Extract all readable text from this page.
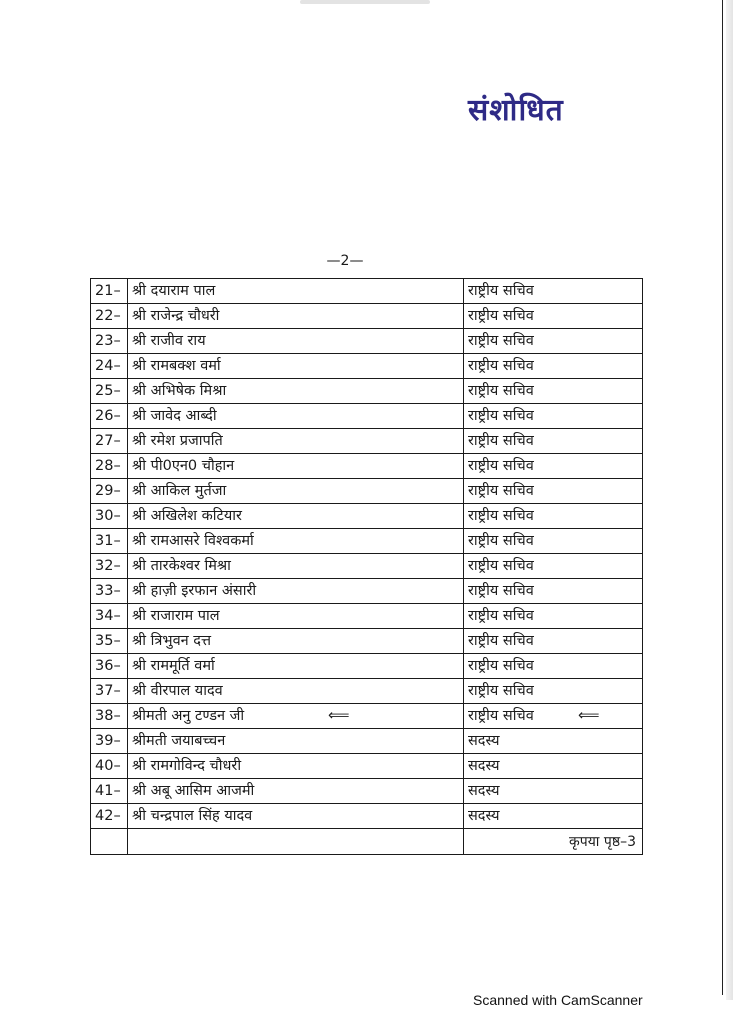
संशोधित
—2—
21–	श्री दयाराम पाल	राष्ट्रीय सचिव
22–	श्री राजेन्द्र चौधरी	राष्ट्रीय सचिव
23–	श्री राजीव राय	राष्ट्रीय सचिव
24–	श्री रामबक्श वर्मा	राष्ट्रीय सचिव
25–	श्री अभिषेक मिश्रा	राष्ट्रीय सचिव
26–	श्री जावेद आब्दी	राष्ट्रीय सचिव
27–	श्री रमेश प्रजापति	राष्ट्रीय सचिव
28–	श्री पी0एन0 चौहान	राष्ट्रीय सचिव
29–	श्री आकिल मुर्तजा	राष्ट्रीय सचिव
30–	श्री अखिलेश कटियार	राष्ट्रीय सचिव
31–	श्री रामआसरे विश्वकर्मा	राष्ट्रीय सचिव
32–	श्री तारकेश्वर मिश्रा	राष्ट्रीय सचिव
33–	श्री हाज़ी इरफान अंसारी	राष्ट्रीय सचिव
34–	श्री राजाराम पाल	राष्ट्रीय सचिव
35–	श्री त्रिभुवन दत्त	राष्ट्रीय सचिव
36–	श्री राममूर्ति वर्मा	राष्ट्रीय सचिव
37–	श्री वीरपाल यादव	राष्ट्रीय सचिव
38–	श्रीमती अनु टण्डन जी ⟸	राष्ट्रीय सचिव ⟸

39–	श्रीमती जयाबच्चन	सदस्य
40–	श्री रामगोविन्द चौधरी	सदस्य
41–	श्री अबू आसिम आजमी	सदस्य
42–	श्री चन्द्रपाल सिंह यादव	सदस्य

		कृपया पृष्ठ–3
Scanned with CamScanner
